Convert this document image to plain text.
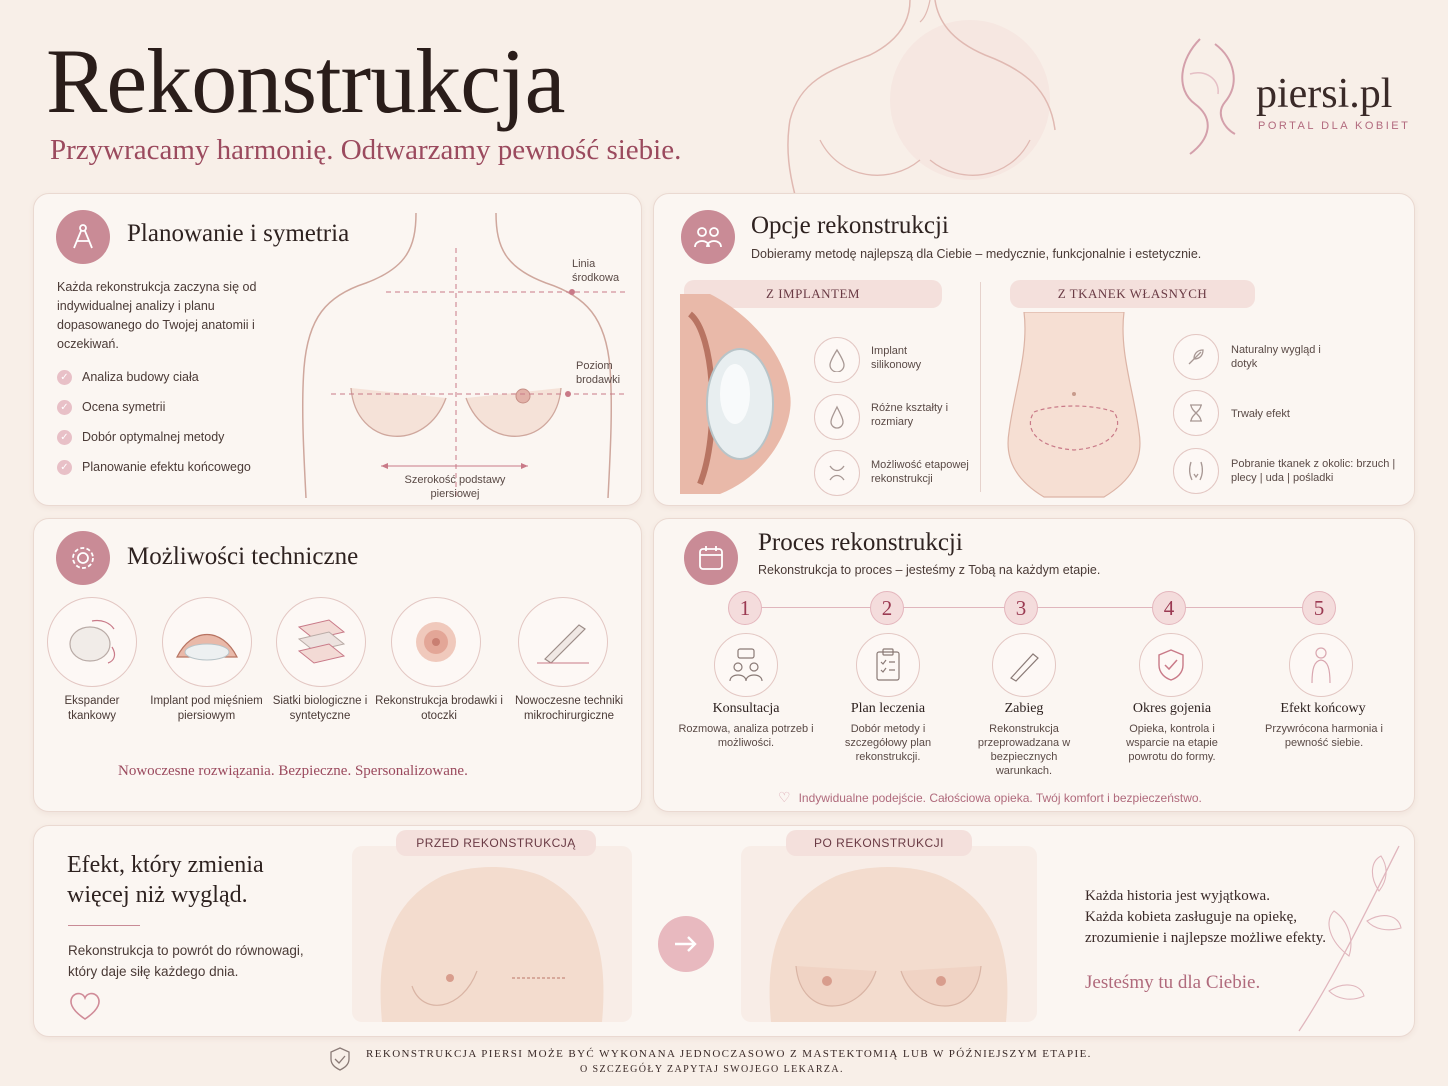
Rekonstrukcja
Przywracamy harmonię. Odtwarzamy pewność siebie.
piersi.pl
PORTAL DLA KOBIET
Planowanie i symetria
Każda rekonstrukcja zaczyna się od indywidualnej analizy i planu dopasowanego do Twojej anatomii i oczekiwań.
✓ Analiza budowy ciała
✓ Ocena symetrii
✓ Dobór optymalnej metody
✓ Planowanie efektu końcowego
Linia środkowa
Poziom brodawki
Szerokość podstawy piersiowej
Opcje rekonstrukcji
Dobieramy metodę najlepszą dla Ciebie – medycznie, funkcjonalnie i estetycznie.
Z IMPLANTEM	Z TKANEK WŁASNYCH
Implant silikonowy
Różne kształty i rozmiary
Możliwość etapowej rekonstrukcji
Naturalny wygląd i dotyk
Trwały efekt
Pobranie tkanek z okolic: brzuch | plecy | uda | pośladki
Możliwości techniczne
Ekspander tkankowy
Implant pod mięśniem piersiowym
Siatki biologiczne i syntetyczne
Rekonstrukcja brodawki i otoczki
Nowoczesne techniki mikrochirurgiczne
Nowoczesne rozwiązania. Bezpieczne. Spersonalizowane.
Proces rekonstrukcji
Rekonstrukcja to proces – jesteśmy z Tobą na każdym etapie.
1	2	3	4	5
Konsultacja
Rozmowa, analiza potrzeb i możliwości.
Plan leczenia
Dobór metody i szczegółowy plan rekonstrukcji.
Zabieg
Rekonstrukcja przeprowadzana w bezpiecznych warunkach.
Okres gojenia
Opieka, kontrola i wsparcie na etapie powrotu do formy.
Efekt końcowy
Przywrócona harmonia i pewność siebie.
♡ Indywidualne podejście. Całościowa opieka. Twój komfort i bezpieczeństwo.
Efekt, który zmienia
więcej niż wygląd.
Rekonstrukcja to powrót do równowagi, który daje siłę każdego dnia.
PRZED REKONSTRUKCJĄ	PO REKONSTRUKCJI
Każda historia jest wyjątkowa.
Każda kobieta zasługuje na opiekę,
zrozumienie i najlepsze możliwe efekty.
Jesteśmy tu dla Ciebie.
REKONSTRUKCJA PIERSI MOŻE BYĆ WYKONANA JEDNOCZASOWO Z MASTEKTOMIĄ LUB W PÓŹNIEJSZYM ETAPIE.
O SZCZEGÓŁY ZAPYTAJ SWOJEGO LEKARZA.
